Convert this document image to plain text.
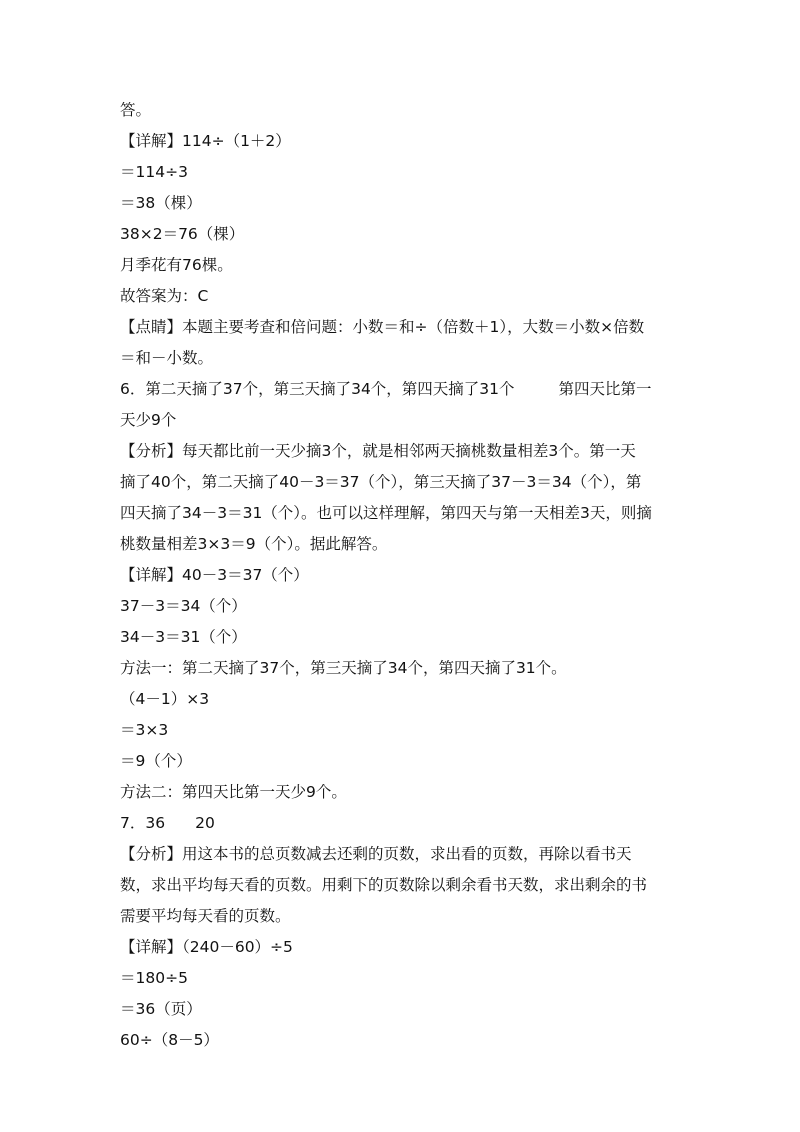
答。
【详解】114÷（1＋2）
＝114÷3
＝38（棵）
38×2＝76（棵）
月季花有76棵。
故答案为：C
【点睛】本题主要考查和倍问题：小数＝和÷（倍数＋1），大数＝小数×倍数
＝和－小数。
6．第二天摘了37个，第三天摘了34个，第四天摘了31个	第四天比第一
天少9个
【分析】每天都比前一天少摘3个，就是相邻两天摘桃数量相差3个。第一天
摘了40个，第二天摘了40－3＝37（个），第三天摘了37－3＝34（个），第
四天摘了34－3＝31（个）。也可以这样理解，第四天与第一天相差3天，则摘
桃数量相差3×3＝9（个）。据此解答。
【详解】40－3＝37（个）
37－3＝34（个）
34－3＝31（个）
方法一：第二天摘了37个，第三天摘了34个，第四天摘了31个。
（4－1）×3
＝3×3
＝9（个）
方法二：第四天比第一天少9个。
7．36 20
【分析】用这本书的总页数减去还剩的页数，求出看的页数，再除以看书天
数，求出平均每天看的页数。用剩下的页数除以剩余看书天数，求出剩余的书
需要平均每天看的页数。
【详解】（240－60）÷5
＝180÷5
＝36（页）
60÷（8－5）
